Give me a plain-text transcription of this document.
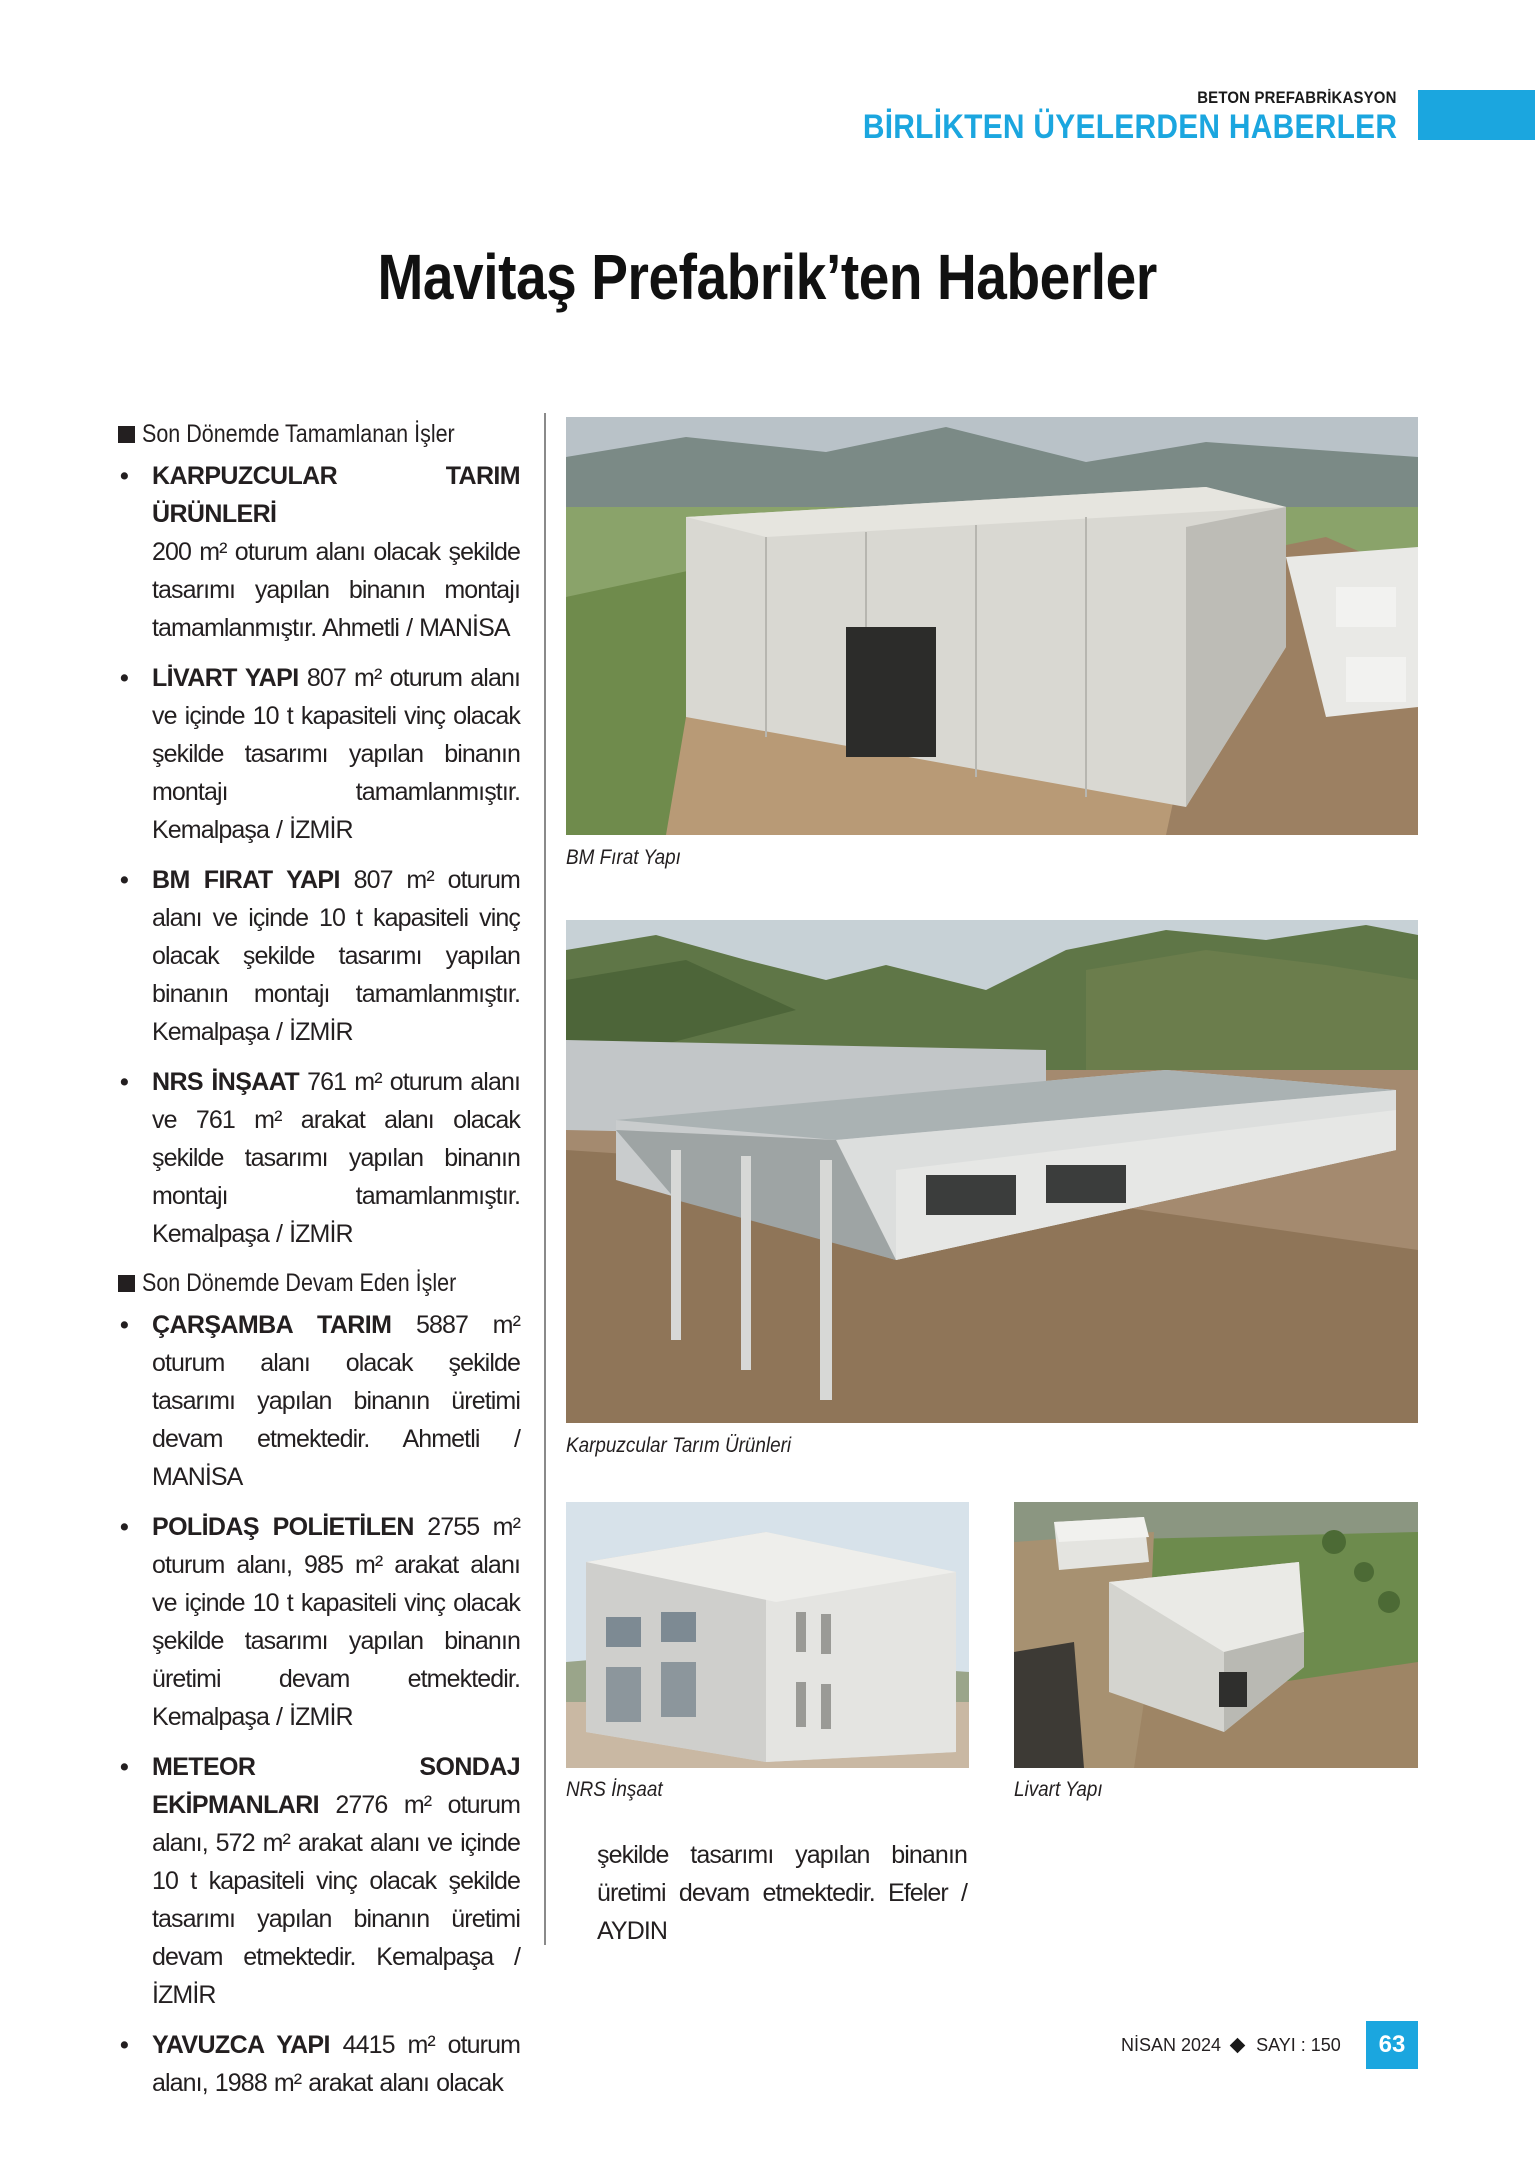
BETON PREFABRİKASYON
BİRLİKTEN ÜYELERDEN HABERLER
Mavitaş Prefabrik’ten Haberler
Son Dönemde Tamamlanan İşler
• KARPUZCULAR TARIM ÜRÜNLERİ
200 m² oturum alanı olacak şekilde tasarımı yapılan binanın montajı tamamlanmıştır. Ahmetli / MANİSA

• LİVART YAPI 807 m² oturum alanı ve içinde 10 t kapasiteli vinç olacak şekilde tasarımı yapılan binanın montajı tamamlanmıştır. Kemalpaşa / İZMİR

• BM FIRAT YAPI 807 m² oturum alanı ve içinde 10 t kapasiteli vinç olacak şekilde tasarımı yapılan binanın montajı tamamlanmıştır. Kemalpaşa / İZMİR

• NRS İNŞAAT 761 m² oturum alanı ve 761 m² arakat alanı olacak şekilde tasarımı yapılan binanın montajı tamamlanmıştır. Kemalpaşa / İZMİR

Son Dönemde Devam Eden İşler
• ÇARŞAMBA TARIM 5887 m² oturum alanı olacak şekilde tasarımı yapılan binanın üretimi devam etmektedir. Ahmetli / MANİSA

• POLİDAŞ POLİETİLEN 2755 m² oturum alanı, 985 m² arakat alanı ve içinde 10 t kapasiteli vinç olacak şekilde tasarımı yapılan binanın üretimi devam etmektedir. Kemalpaşa / İZMİR

• METEOR SONDAJ EKİPMANLARI 2776 m² oturum alanı, 572 m² arakat alanı ve içinde 10 t kapasiteli vinç olacak şekilde tasarımı yapılan binanın üretimi devam etmektedir. Kemalpaşa / İZMİR

• YAVUZCA YAPI 4415 m² oturum alanı, 1988 m² arakat alanı olacak

BM Fırat Yapı
Karpuzcular Tarım Ürünleri
NRS İnşaat	Livart Yapı

şekilde tasarımı yapılan binanın üretimi devam etmektedir. Efeler / AYDIN

NİSAN 2024 SAYI : 150	63
